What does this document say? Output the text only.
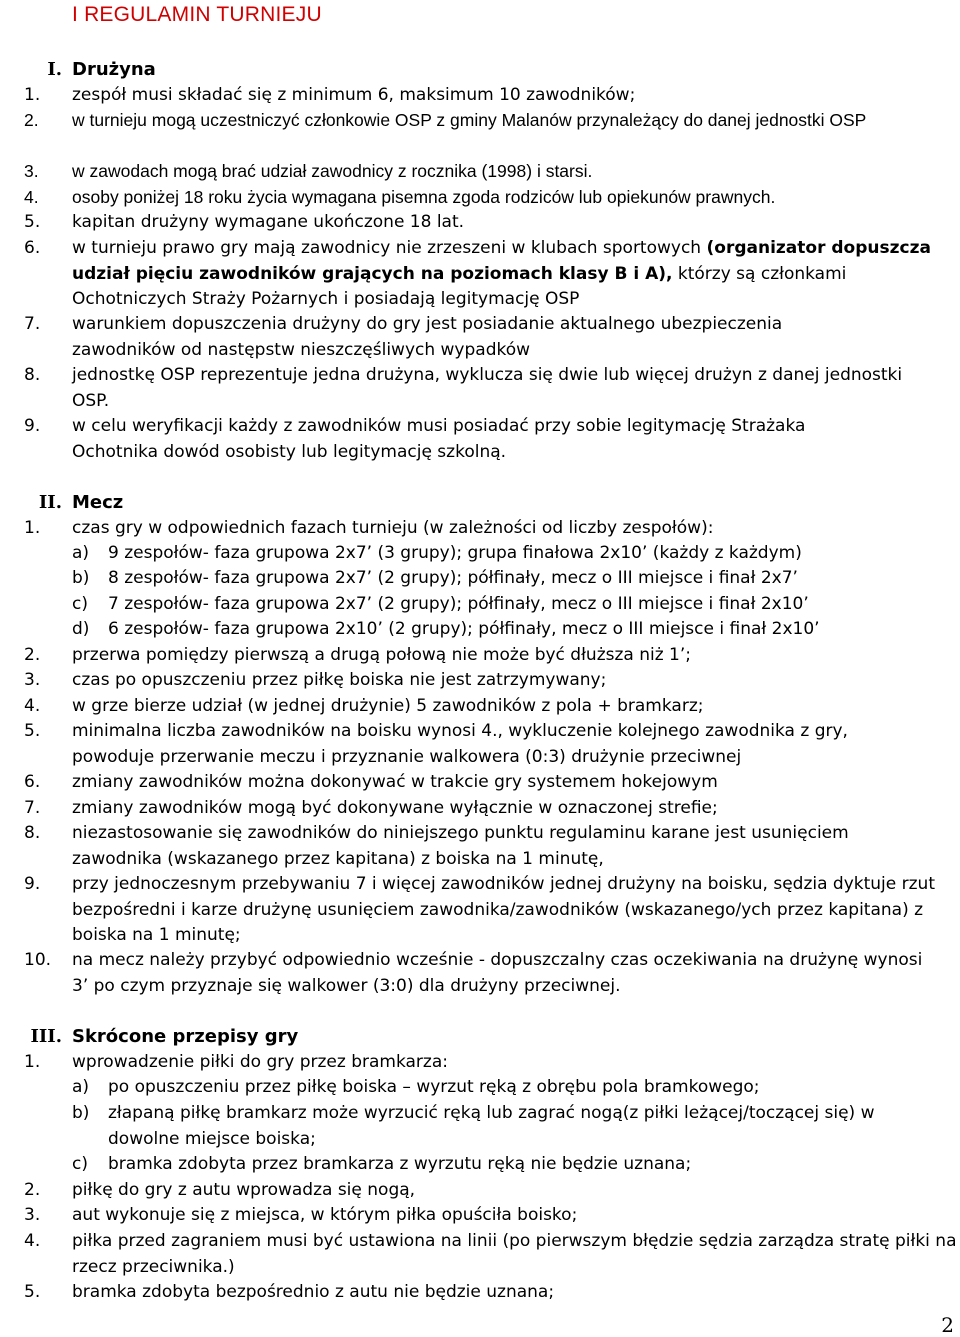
I REGULAMIN TURNIEJU
I. Drużyna
1.	zespół musi składać się z minimum 6, maksimum 10 zawodników;
2.	w turnieju mogą uczestniczyć członkowie OSP z gminy Malanów przynależący do danej jednostki OSP
3.	w zawodach mogą brać udział zawodnicy z rocznika (1998) i starsi.
4.	osoby poniżej 18 roku życia wymagana pisemna zgoda rodziców lub opiekunów prawnych.
5.	kapitan drużyny wymagane ukończone 18 lat.
6.	w turnieju prawo gry mają zawodnicy nie zrzeszeni w klubach sportowych (organizator dopuszcza udział pięciu zawodników grających na poziomach klasy B i A), którzy są członkami Ochotniczych Straży Pożarnych i posiadają legitymację OSP
7.	warunkiem dopuszczenia drużyny do gry jest posiadanie aktualnego ubezpieczenia zawodników od następstw nieszczęśliwych wypadków
8.	jednostkę OSP reprezentuje jedna drużyna, wyklucza się dwie lub więcej drużyn z danej jednostki OSP.
9.	w celu weryfikacji każdy z zawodników musi posiadać przy sobie legitymację Strażaka Ochotnika dowód osobisty lub legitymację szkolną.
II. Mecz
1.	czas gry w odpowiednich fazach turnieju (w zależności od liczby zespołów):
a) 9 zespołów- faza grupowa 2x7’ (3 grupy); grupa finałowa 2x10’ (każdy z każdym)
b) 8 zespołów- faza grupowa 2x7’ (2 grupy); półfinały, mecz o III miejsce i finał 2x7’
c) 7 zespołów- faza grupowa 2x7’ (2 grupy); półfinały, mecz o III miejsce i finał 2x10’
d) 6 zespołów- faza grupowa 2x10’ (2 grupy); półfinały, mecz o III miejsce i finał 2x10’
2.	przerwa pomiędzy pierwszą a drugą połową nie może być dłuższa niż 1’;
3.	czas po opuszczeniu przez piłkę boiska nie jest zatrzymywany;
4.	w grze bierze udział (w jednej drużynie) 5 zawodników z pola + bramkarz;
5.	minimalna liczba zawodników na boisku wynosi 4., wykluczenie kolejnego zawodnika z gry, powoduje przerwanie meczu i przyznanie walkowera (0:3) drużynie przeciwnej
6.	zmiany zawodników można dokonywać w trakcie gry systemem hokejowym
7.	zmiany zawodników mogą być dokonywane wyłącznie w oznaczonej strefie;
8.	niezastosowanie się zawodników do niniejszego punktu regulaminu karane jest usunięciem zawodnika (wskazanego przez kapitana) z boiska na 1 minutę,
9.	przy jednoczesnym przebywaniu 7 i więcej zawodników jednej drużyny na boisku, sędzia dyktuje rzut bezpośredni i karze drużynę usunięciem zawodnika/zawodników (wskazanego/ych przez kapitana) z boiska na 1 minutę;
10.	na mecz należy przybyć odpowiednio wcześnie - dopuszczalny czas oczekiwania na drużynę wynosi 3’ po czym przyznaje się walkower (3:0) dla drużyny przeciwnej.
III. Skrócone przepisy gry
1.	wprowadzenie piłki do gry przez bramkarza:
a) po opuszczeniu przez piłkę boiska – wyrzut ręką z obrębu pola bramkowego;
b) złapaną piłkę bramkarz może wyrzucić ręką lub zagrać nogą(z piłki leżącej/toczącej się) w dowolne miejsce boiska;
c) bramka zdobyta przez bramkarza z wyrzutu ręką nie będzie uznana;
2.	piłkę do gry z autu wprowadza się nogą,
3.	aut wykonuje się z miejsca, w którym piłka opuściła boisko;
4.	piłka przed zagraniem musi być ustawiona na linii (po pierwszym błędzie sędzia zarządza stratę piłki na rzecz przeciwnika.)
5.	bramka zdobyta bezpośrednio z autu nie będzie uznana;
2
